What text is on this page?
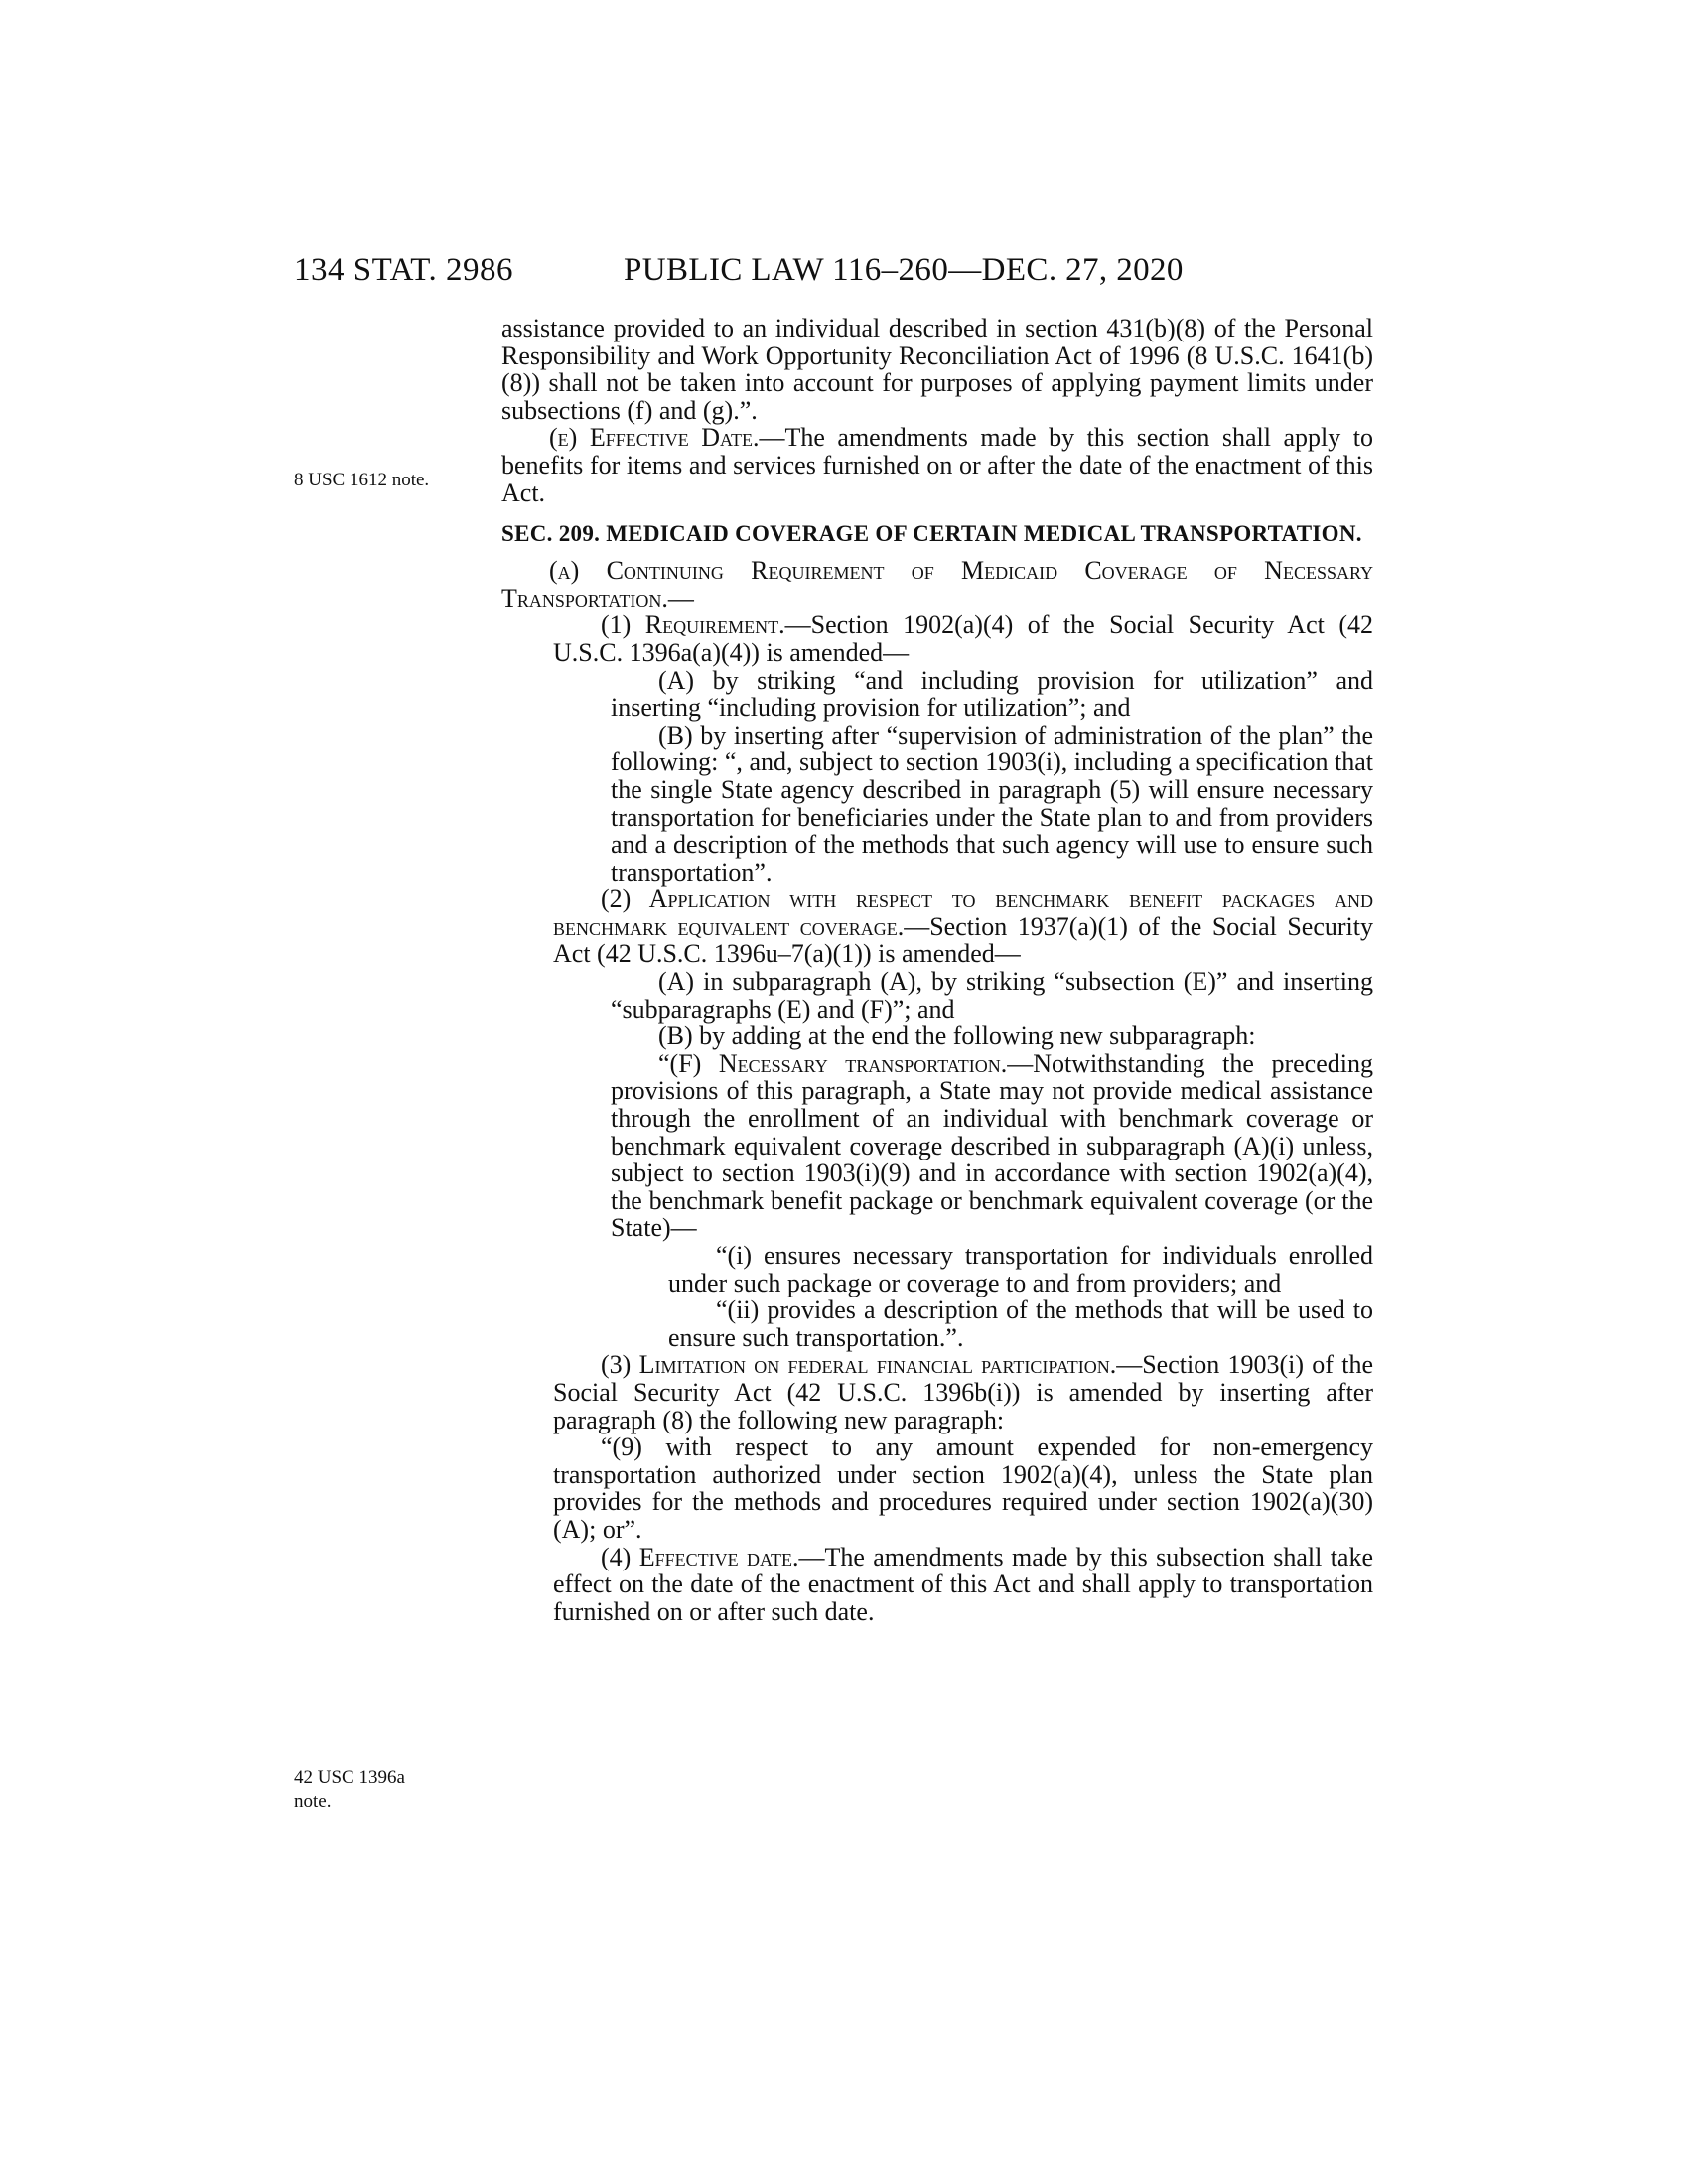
134 STAT. 2986	PUBLIC LAW 116–260—DEC. 27, 2020
8 USC 1612 note.
42 USC 1396a
note.

assistance provided to an individual described in section 431(b)(8) of the Personal Responsibility and Work Opportunity Reconciliation Act of 1996 (8 U.S.C. 1641(b)(8)) shall not be taken into account for purposes of applying payment limits under subsections (f) and (g).”.

(e) Effective Date.—The amendments made by this section shall apply to benefits for items and services furnished on or after the date of the enactment of this Act.

SEC. 209. MEDICAID COVERAGE OF CERTAIN MEDICAL TRANSPORTATION.

(a) Continuing Requirement of Medicaid Coverage of Necessary Transportation.—

(1) Requirement.—Section 1902(a)(4) of the Social Security Act (42 U.S.C. 1396a(a)(4)) is amended—

(A) by striking “and including provision for utilization” and inserting “including provision for utilization”; and

(B) by inserting after “supervision of administration of the plan” the following: “, and, subject to section 1903(i), including a specification that the single State agency described in paragraph (5) will ensure necessary transportation for beneficiaries under the State plan to and from providers and a description of the methods that such agency will use to ensure such transportation”.

(2) Application with respect to benchmark benefit packages and benchmark equivalent coverage.—Section 1937(a)(1) of the Social Security Act (42 U.S.C. 1396u–7(a)(1)) is amended—

(A) in subparagraph (A), by striking “subsection (E)” and inserting “subparagraphs (E) and (F)”; and

(B) by adding at the end the following new subparagraph:

“(F) Necessary transportation.—Notwithstanding the preceding provisions of this paragraph, a State may not provide medical assistance through the enrollment of an individual with benchmark coverage or benchmark equivalent coverage described in subparagraph (A)(i) unless, subject to section 1903(i)(9) and in accordance with section 1902(a)(4), the benchmark benefit package or benchmark equivalent coverage (or the State)—

“(i) ensures necessary transportation for individuals enrolled under such package or coverage to and from providers; and

“(ii) provides a description of the methods that will be used to ensure such transportation.”.

(3) Limitation on federal financial participation.—Section 1903(i) of the Social Security Act (42 U.S.C. 1396b(i)) is amended by inserting after paragraph (8) the following new paragraph:

“(9) with respect to any amount expended for non-emergency transportation authorized under section 1902(a)(4), unless the State plan provides for the methods and procedures required under section 1902(a)(30)(A); or”.

(4) Effective date.—The amendments made by this subsection shall take effect on the date of the enactment of this Act and shall apply to transportation furnished on or after such date.
